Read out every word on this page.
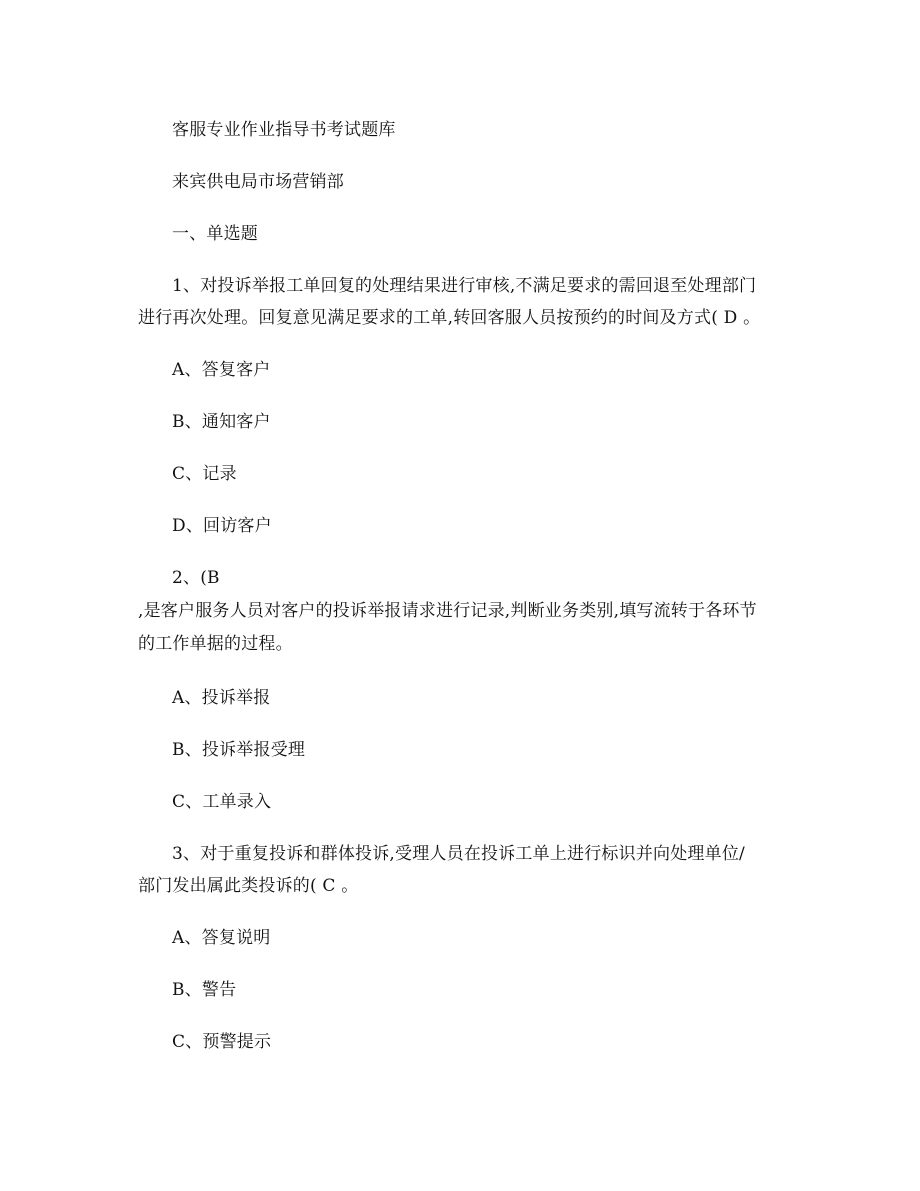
客服专业作业指导书考试题库
来宾供电局市场营销部
一、单选题
1、对投诉举报工单回复的处理结果进行审核,不满足要求的需回退至处理部门
进行再次处理。回复意见满足要求的工单,转回客服人员按预约的时间及方式( D 。
A、答复客户
B、通知客户
C、记录
D、回访客户
2、(B
,是客户服务人员对客户的投诉举报请求进行记录,判断业务类别,填写流转于各环节
的工作单据的过程。
A、投诉举报
B、投诉举报受理
C、工单录入
3、对于重复投诉和群体投诉,受理人员在投诉工单上进行标识并向处理单位/
部门发出属此类投诉的( C 。
A、答复说明
B、警告
C、预警提示
